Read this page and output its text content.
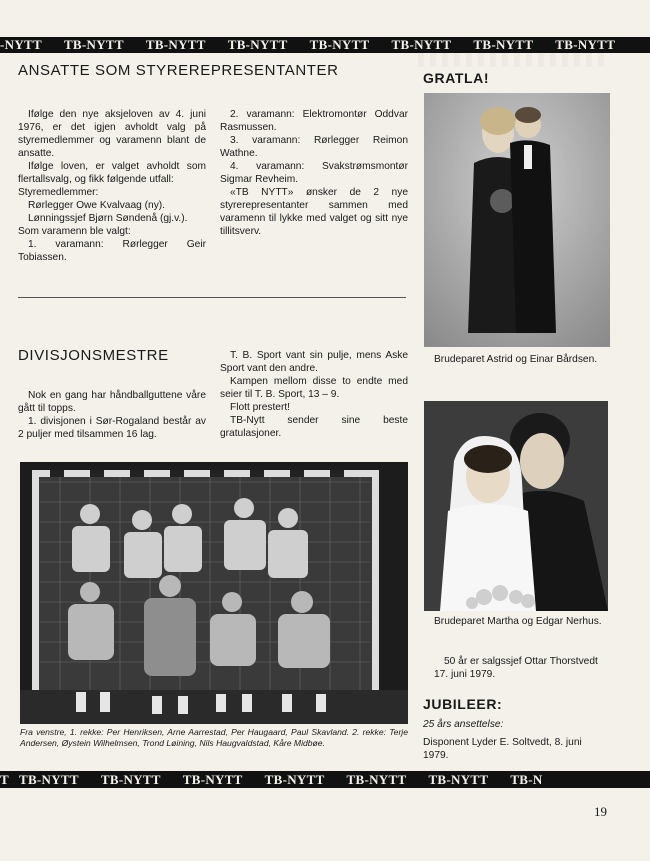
-NYTT TB-NYTT TB-NYTT TB-NYTT TB-NYTT TB-NYTT TB-NYTT TB-NYTT
ANSATTE SOM STYREREPRESENTANTER

Ifølge den nye aksjeloven av 4. juni 1976, er det igjen avholdt valg på styremedlemmer og varamenn blant de ansatte.

Ifølge loven, er valget avholdt som flertallsvalg, og fikk følgende utfall:

Styremedlemmer:

Rørlegger Owe Kvalvaag (ny).

Lønningssjef Bjørn Søndenå (gj.v.).

Som varamenn ble valgt:

1. varamann: Rørlegger Geir Tobiassen.

2. varamann: Elektromontør Oddvar Rasmussen.

3. varamann: Rørlegger Reimon Wathne.

4. varamann: Svakstrømsmontør Sigmar Revheim.

«TB NYTT» ønsker de 2 nye styrerepresentanter sammen med varamenn til lykke med valget og sitt nye tillitsverv.

DIVISJONSMESTRE

Nok en gang har håndballguttene våre gått til topps.

1. divisjonen i Sør-Rogaland består av 2 puljer med tilsammen 16 lag.

T. B. Sport vant sin pulje, mens Aske Sport vant den andre.

Kampen mellom disse to endte med seier til T. B. Sport, 13 – 9.

Flott prestert!

TB-Nytt sender sine beste gratulasjoner.

Fra venstre, 1. rekke: Per Henriksen, Arne Aarrestad, Per Haugaard, Paul Skavland. 2. rekke: Terje Andersen, Øystein Wilhelmsen, Trond Løining, Nils Haugvaldstad, Kåre Midbøe.
GRATLA!
Brudeparet Astrid og Einar Bårdsen.
Brudeparet Martha og Edgar Nerhus.
50 år er salgssjef Ottar Thorstvedt 17. juni 1979.
JUBILEER:
25 års ansettelse:
Disponent Lyder E. Soltvedt, 8. juni 1979.
T TB-NYTT TB-NYTT TB-NYTT TB-NYTT TB-NYTT TB-NYTT TB-N
19
